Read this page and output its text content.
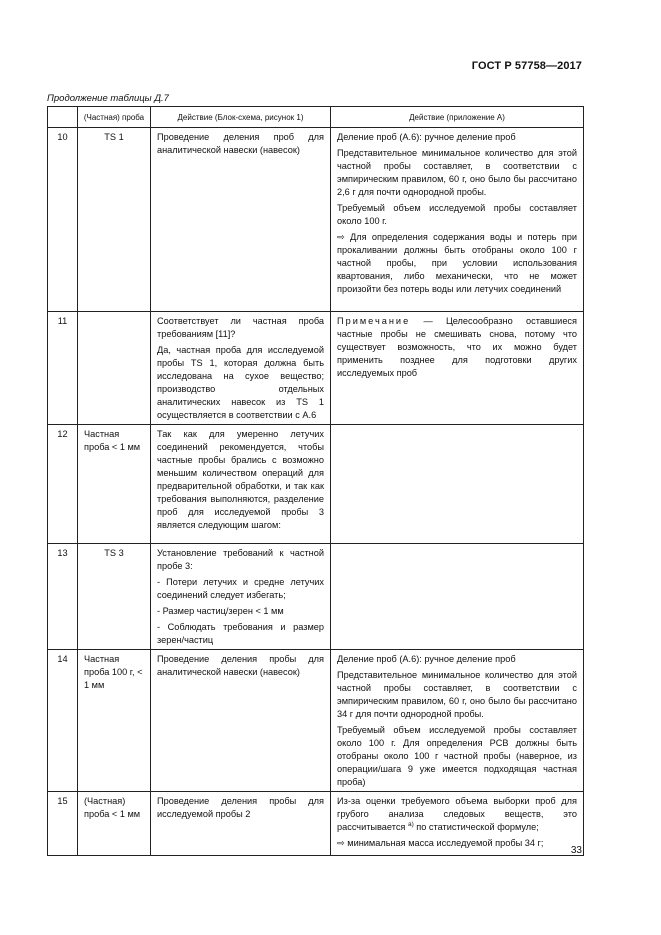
ГОСТ Р 57758—2017
Продолжение таблицы Д.7
	(Частная) проба	Действие (Блок-схема, рисунок 1)	Действие (приложение А)
10	TS 1	Проведение деления проб для аналитической навески (навесок)	Деление проб (А.6): ручное деление проб

Представительное минимальное количество для этой частной пробы составляет, в соответствии с эмпирическим правилом, 60 г, оно было бы рассчитано 2,6 г для почти однородной пробы.

Требуемый объем исследуемой пробы составляет около 100 г.

⇨ Для определения содержания воды и потерь при прокаливании должны быть отобраны около 100 г частной пробы, при условии использования квартования, либо механически, что не может произойти без потерь воды или летучих соединений

11		Соответствует ли частная проба требованиям [11]?

Да, частная проба для исследуемой пробы TS 1, которая должна быть исследована на сухое вещество; производство отдельных аналитических навесок из TS 1 осуществляется в соответствии с А.6	Примечание — Целесообразно оставшиеся частные пробы не смешивать снова, потому что существует возможность, что их можно будет применить позднее для подготовки других исследуемых проб

12	Частная проба < 1 мм	Так как для умеренно летучих соединений рекомендуется, чтобы частные пробы брались с возможно меньшим количеством операций для предварительной обработки, и так как требования выполняются, разделение проб для исследуемой пробы 3 является следующим шагом:	

13	TS 3	Установление требований к частной пробе 3:

- Потери летучих и средне летучих соединений следует избегать;

- Размер частиц/зерен < 1 мм

- Соблюдать требования и размер зерен/частиц	

14	Частная проба 100 г, < 1 мм	Проведение деления пробы для аналитической навески (навесок)	Деление проб (А.6): ручное деление проб

Представительное минимальное количество для этой частной пробы составляет, в соответствии с эмпирическим правилом, 60 г, оно было бы рассчитано 34 г для почти однородной пробы.

Требуемый объем исследуемой пробы составляет около 100 г. Для определения PCB должны быть отобраны около 100 г частной пробы (наверное, из операции/шага 9 уже имеется подходящая частная проба)

15	(Частная) проба < 1 мм	Проведение деления пробы для исследуемой пробы 2	Из-за оценки требуемого объема выборки проб для грубого анализа следовых веществ, это рассчитывается $^{a)}$ по статистической формуле;

⇨ минимальная масса исследуемой пробы 34 г;

33
